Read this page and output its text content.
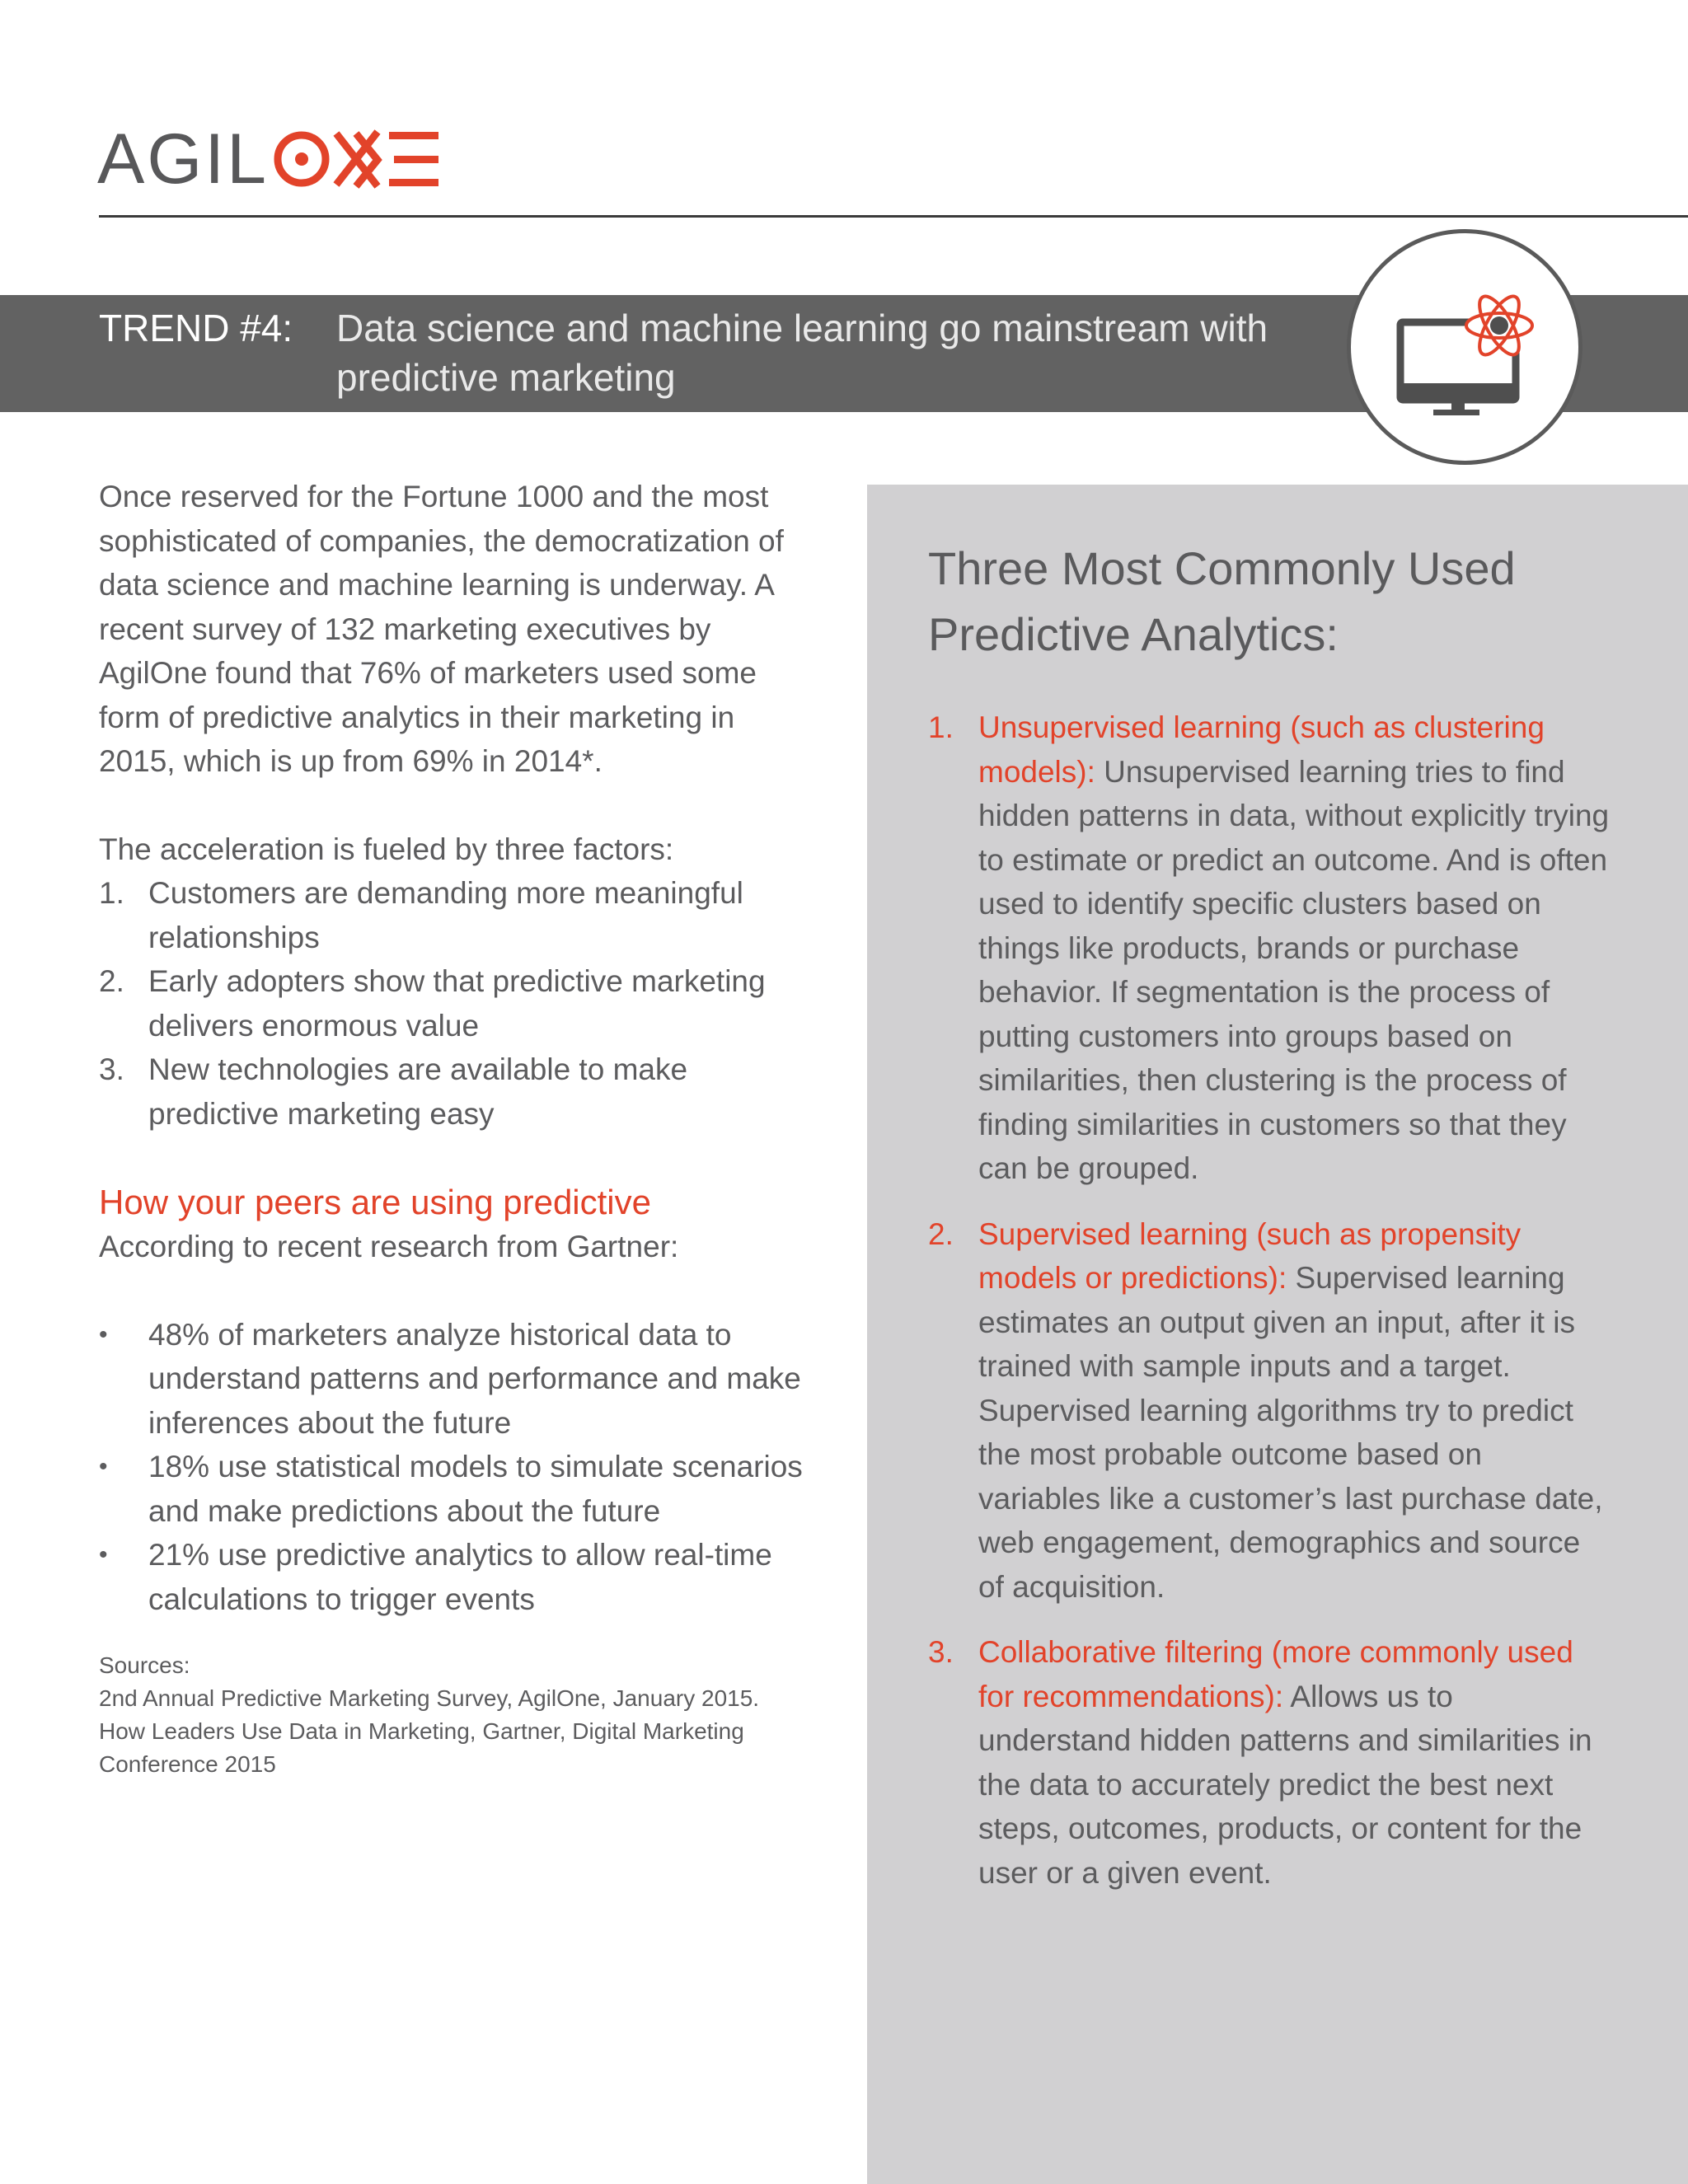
AGIL
TREND #4: Data science and machine learning go mainstream with predictive marketing

Once reserved for the Fortune 1000 and the most sophisticated of companies, the democratization of data science and machine learning is underway. A recent survey of 132 marketing executives by AgilOne found that 76% of marketers used some form of predictive analytics in their marketing in 2015, which is up from 69% in 2014*.

The acceleration is fueled by three factors:

1. Customers are demanding more meaningful relationships
2. Early adopters show that predictive marketing delivers enormous value
3. New technologies are available to make predictive marketing easy

How your peers are using predictive

According to recent research from Gartner:

• 48% of marketers analyze historical data to understand patterns and performance and make inferences about the future
• 18% use statistical models to simulate scenarios and make predictions about the future
• 21% use predictive analytics to allow real-time calculations to trigger events
Sources:
2nd Annual Predictive Marketing Survey, AgilOne, January 2015.
How Leaders Use Data in Marketing, Gartner, Digital Marketing Conference 2015
Three Most Commonly Used Predictive Analytics:
1. Unsupervised learning (such as clustering models): Unsupervised learning tries to find hidden patterns in data, without explicitly trying to estimate or predict an outcome. And is often used to identify specific clusters based on things like products, brands or purchase behavior. If segmentation is the process of putting customers into groups based on similarities, then clustering is the process of finding similarities in customers so that they can be grouped.
2. Supervised learning (such as propensity models or predictions): Supervised learning estimates an output given an input, after it is trained with sample inputs and a target. Supervised learning algorithms try to predict the most probable outcome based on variables like a customer’s last purchase date, web engagement, demographics and source of acquisition.
3. Collaborative filtering (more commonly used for recommendations): Allows us to understand hidden patterns and similarities in the data to accurately predict the best next steps, outcomes, products, or content for the user or a given event.
